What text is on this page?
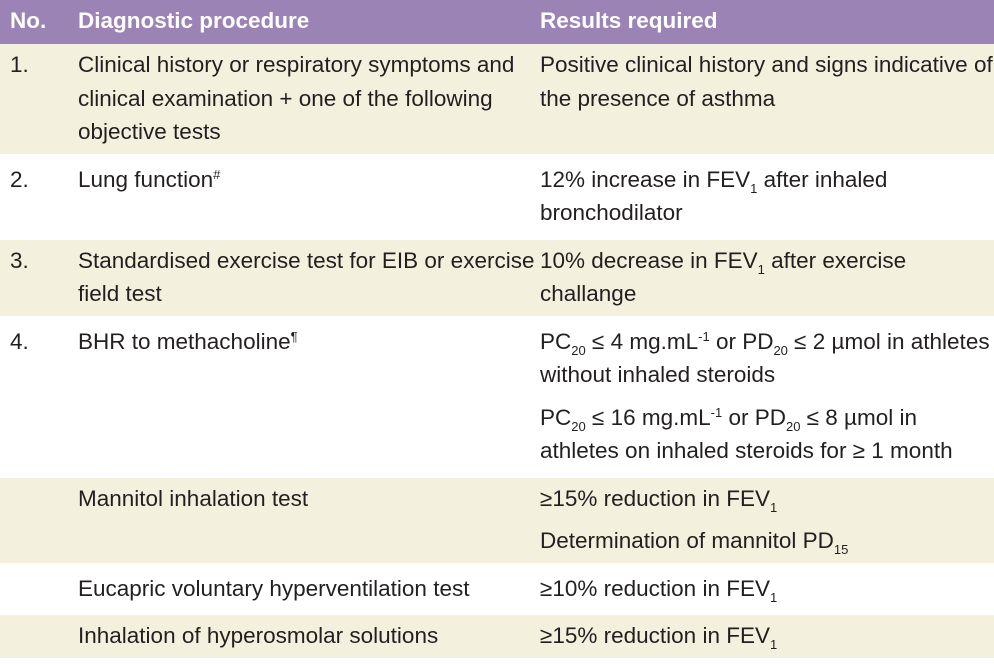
No.	Diagnostic procedure	Results required
1.	Clinical history or respiratory symptoms and clinical examination + one of the following objective tests	Positive clinical history and signs indicative of the presence of asthma

2.	Lung function#	12% increase in $FEV_1$ after inhaled bronchodilator

3.	Standardised exercise test for EIB or exercise field test	10% decrease in $FEV_1$ after exercise challange

4.	BHR to methacholine¶	$PC_{20} \le 4$ $mg.mL^{-1}$ or $PD_{20} \le 2$ µmol in athletes without inhaled steroids
$PC_{20} \le 16$ $mg.mL^{-1}$ or $PD_{20} \le 8$ µmol in athletes on inhaled steroids for ≥ 1 month

	Mannitol inhalation test	≥15% reduction in $FEV_1$
Determination of mannitol $PD_{15}$

	Eucapric voluntary hyperventilation test	≥10% reduction in $FEV_1$

	Inhalation of hyperosmolar solutions	≥15% reduction in $FEV_1$
